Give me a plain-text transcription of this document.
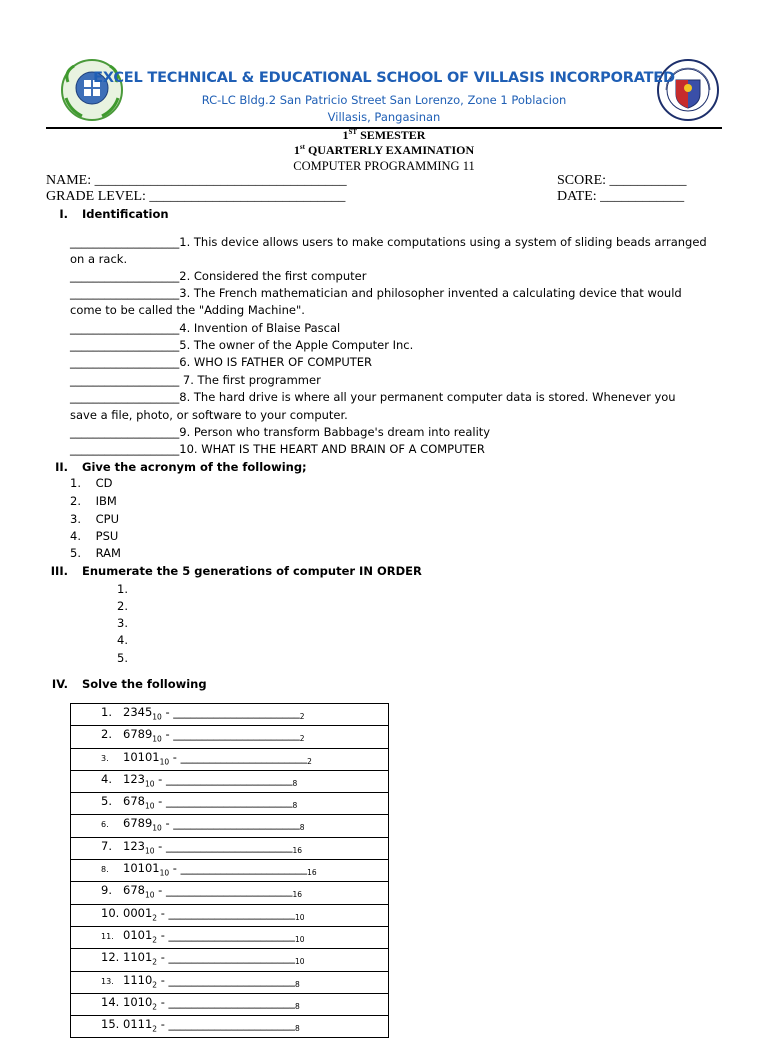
EXCEL TECHNICAL & EDUCATIONAL SCHOOL OF VILLASIS INCORPORATED
RC-LC Bldg.2 San Patricio Street San Lorenzo, Zone 1 Poblacion
Villasis, Pangasinan
1ST SEMESTER
1st QUARTERLY EXAMINATION
COMPUTER PROGRAMMING 11
NAME: ____________________________________	SCORE: ___________
GRADE LEVEL: ____________________________	DATE: ____________
I. Identification
___________________1. This device allows users to make computations using a system of sliding beads arranged
on a rack.
___________________2. Considered the first computer
___________________3. The French mathematician and philosopher invented a calculating device that would
come to be called the "Adding Machine".
___________________4. Invention of Blaise Pascal
___________________5. The owner of the Apple Computer Inc.
___________________6. WHO IS FATHER OF COMPUTER
___________________ 7. The first programmer
___________________8. The hard drive is where all your permanent computer data is stored. Whenever you
save a file, photo, or software to your computer.
___________________9. Person who transform Babbage's dream into reality
___________________10. WHAT IS THE HEART AND BRAIN OF A COMPUTER
II. Give the acronym of the following;
1. CD
2. IBM
3. CPU
4. PSU
5. RAM
III. Enumerate the 5 generations of computer IN ORDER
1.
2.
3.
4.
5.
IV. Solve the following
1. $2345_{10}$ - $\_\_\_\_\_\_\_\_\_\_\_\_\_\_\_\_\_\_\_\_\_\__2$
2. $6789_{10}$ - $\_\_\_\_\_\_\_\_\_\_\_\_\_\_\_\_\_\_\_\_\_\__2$
3. $10101_{10}$ - $\_\_\_\_\_\_\_\_\_\_\_\_\_\_\_\_\_\_\_\_\_\__2$
4. $123_{10}$ - $\_\_\_\_\_\_\_\_\_\_\_\_\_\_\_\_\_\_\_\_\_\__8$
5. $678_{10}$ - $\_\_\_\_\_\_\_\_\_\_\_\_\_\_\_\_\_\_\_\_\_\__8$
6. $6789_{10}$ - $\_\_\_\_\_\_\_\_\_\_\_\_\_\_\_\_\_\_\_\_\_\__8$
7. $123_{10}$ - $\_\_\_\_\_\_\_\_\_\_\_\_\_\_\_\_\_\_\_\_\_\__{16}$
8. $10101_{10}$ - $\_\_\_\_\_\_\_\_\_\_\_\_\_\_\_\_\_\_\_\_\_\__{16}$
9. $678_{10}$ - $\_\_\_\_\_\_\_\_\_\_\_\_\_\_\_\_\_\_\_\_\_\__{16}$
10. $0001_2$ - $\_\_\_\_\_\_\_\_\_\_\_\_\_\_\_\_\_\_\_\_\_\__{10}$
11. $0101_2$ - $\_\_\_\_\_\_\_\_\_\_\_\_\_\_\_\_\_\_\_\_\_\__{10}$
12. $1101_2$ - $\_\_\_\_\_\_\_\_\_\_\_\_\_\_\_\_\_\_\_\_\_\__{10}$
13. $1110_2$ - $\_\_\_\_\_\_\_\_\_\_\_\_\_\_\_\_\_\_\_\_\_\__8$
14. $1010_2$ - $\_\_\_\_\_\_\_\_\_\_\_\_\_\_\_\_\_\_\_\_\_\__8$
15. $0111_2$ - $\_\_\_\_\_\_\_\_\_\_\_\_\_\_\_\_\_\_\_\_\_\__8$
